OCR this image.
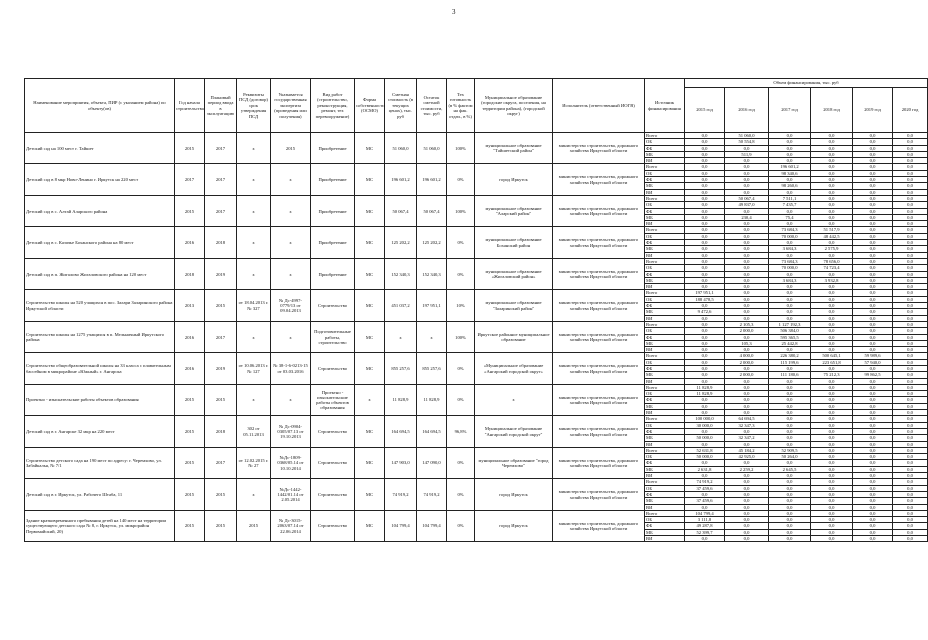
3
Наименование мероприятия, объекта, ПИР (с указанием района) по объекту(ов)	Год начала строительства	Плановый период ввода в эксплуатацию	Реквизиты ПСД (договор) срок утверждения ПСД	Указывается государственная экспертиза (проведения или получения)	Вид работ (строительство, реконструкция, ремонт, тех перевооружение)	Форма собственности (ОСМО)	Сметная стоимость (в текущих ценах), тыс. руб	Остаток сметной стоимости, тыс. руб	Тех готовность (в % фактом на фак. отдач., в %)	Муниципальное образование (городские округа, поселения, на территории района), (городской округ)	Исполнитель (ответственный ИОГВ)	Источник финансирования	Объем финансирования, тыс. руб					
													2015 год	2016 год	2017 год	2018 год	2019 год	2020 год
Детский сад на 100 мест г. Тайшет	2015	2017	х	2015	Приобретение	МС	51 060,0	51 060,0	100%	муниципальное образование "Тайшетский район"	министерство строительства, дорожного хозяйства Иркутской области	Всего	0,0	51 060,0	0,0	0,0	0,0	0,0
												ОБ	0,0	50 554,8	0,0	0,0	0,0	0,0
												ФБ	0,0	0,0	0,0	0,0	0,0	0,0
												МБ	0,0	511,9	0,0	0,0	0,0	0,0
												ВИ	0,0	0,0	0,0	0,0	0,0	0,0
Детский сад в 8 мкр Ново-Ленино г. Иркутск на 220 мест	2017	2017	х	х	Приобретение	МС	196 601,2	196 601,2	0%	город Иркутск	министерство строительства, дорожного хозяйства Иркутской области	Всего	0,0	0,0	196 601,2	0,0	0,0	0,0
												ОБ	0,0	0,0	98 340,6	0,0	0,0	0,0
												ФБ	0,0	0,0	0,0	0,0	0,0	0,0
												МБ	0,0	0,0	98 260,6	0,0	0,0	0,0
												ВИ	0,0	0,0	0,0	0,0	0,0	0,0
Детский сад в с. Алтай Аларского района	2015	2017	х	х	Приобретение	МС	50 067,4	50 067,4	100%	муниципальное образование "Аларский район"	министерство строительства, дорожного хозяйства Иркутской области	Всего	0,0	50 067,4	7 511,1	0,0	0,0	0,0
												ОБ	0,0	49 837,0	7 435,7	0,0	0,0	0,0
												ФБ	0,0	0,0	0,0	0,0	0,0	0,0
												МБ	0,0	230,4	75,4	0,0	0,0	0,0
												ВИ	0,0	0,0	0,0	0,0	0,0	0,0
Детский сад в с. Казачье Боханского района на 80 мест	2016	2018	х	х	Приобретение	МС	125 202,2	125 202,2	0%	муниципальное образование Боханский район	министерство строительства, дорожного хозяйства Иркутской области	Всего	0,0	0,0	73 684,3	51 517,9	0,0	0,0
												ОБ	0,0	0,0	70 000,0	48 442,5	0,0	0,0
												ФБ	0,0	0,0	0,0	0,0	0,0	0,0
												МБ	0,0	0,0	3 684,3	2 575,9	0,0	0,0
												ВИ	0,0	0,0	0,0	0,0	0,0	0,0
Детский сад в п. Жигалово Жигаловского района на 120 мест	2018	2019	х	х	Приобретение	МС	152 340,3	152 340,3	0%	муниципальное образование «Жигаловский район»	министерство строительства, дорожного хозяйства Иркутской области	Всего	0,0	0,0	73 684,3	78 656,0	0,0	0,0
												ОБ	0,0	0,0	70 000,0	74 723,4	0,0	0,0
												ФБ	0,0	0,0	0,0	0,0	0,0	0,0
												МБ	0,0	0,0	3 684,3	3 932,8	0,0	0,0
												ВИ	0,0	0,0	0,0	0,0	0,0	0,0
Строительство школы на 520 учащихся в пос. Залари Заларинского района Иркутской области	2013	2015	от 18.04.2013 г. № 327	№ Дс-4997-0779/13 от 09.04.2013	Строительство	МС	451 037,2	197 951,1	10%	муниципальное образование "Заларинский район"	министерство строительства, дорожного хозяйства Иркутской области	Всего	197 951,1	0,0	0,0	0,0	0,0	0,0
												ОБ	188 478,5	0,0	0,0	0,0	0,0	0,0
												ФБ	0,0	0,0	0,0	0,0	0,0	0,0
												МБ	9 472,6	0,0	0,0	0,0	0,0	0,0
												ВИ	0,0	0,0	0,0	0,0	0,0	0,0
Строительство школы на 1275 учащихся в п. Мельничный Иркутского района	2016	2017	х	х	Подготовительные работы, строительство	МС	х	х	100%	Иркутское районное муниципальное образование	министерство строительства, дорожного хозяйства Иркутской области	Всего	0,0	2 105,3	1 127 192,3	0,0	0,0	0,0
												ОБ	0,0	2 000,0	506 384,0	0,0	0,0	0,0
												ФБ	0,0	0,0	595 365,5	0,0	0,0	0,0
												МБ	0,0	105,3	25 442,8	0,0	0,0	0,0
												ВИ	0,0	0,0	0,0	0,0	0,0	0,0
Строительство общеобразовательной школы на 33 класса с плавательным бассейном в микрорайоне «Южный» г. Ангарска	2016	2019	от 10.06.2013 г. № 127	№ 38-1-6-0213-15 от 03.03.2016	Строительство	МС	855 257,6	855 257,6	0%	«Муниципальное образование «Ангарский городской округ»	министерство строительства, дорожного хозяйства Иркутской области	Всего	0,0	4 000,0	226 380,2	500 645,1	59 989,6	0,0
												ОБ	0,0	2 000,0	115 199,6	223 651,8	57 940,0	0,0
												ФБ	0,0	0,0	0,0	0,0	0,0	0,0
												МБ	0,0	2 000,0	111 180,6	75 212,3	99 862,5	0,0
												ВИ	0,0	0,0	0,0	0,0	0,0	0,0
Проектно - изыскательские работы объектов образования	2015	2015	х	х	Проектно - изыскательские работы объектов образования	х	11 828,9	11 828,9	0%	х	министерство строительства, дорожного хозяйства Иркутской области	Всего	11 828,9	0,0	0,0	0,0	0,0	0,0
												ОБ	11 828,9	0,0	0,0	0,0	0,0	0,0
												ФБ	0,0	0,0	0,0	0,0	0,0	0,0
												МБ	0,0	0,0	0,0	0,0	0,0	0,0
												ВИ	0,0	0,0	0,0	0,0	0,0	0,0
Детский сад в г. Ангарске 32 мкр на 220 мест	2015	2018	302 от 05.11.2013	№ Дс-0904-0305/07.13 от 19.10.2013	Строительство	МС	164 694,5	164 694,5	96,8%	Муниципальное образование "Ангарский городской округ"	министерство строительства, дорожного хозяйства Иркутской области	Всего	100 000,0	64 694,5	0,0	0,0	0,0	0,0
												ОБ	30 000,0	32 347,3	0,0	0,0	0,0	0,0
												ФБ	0,0	0,0	0,0	0,0	0,0	0,0
												МБ	50 000,0	32 347,2	0,0	0,0	0,0	0,0
												ВИ	0,0	0,0	0,0	0,0	0,0	0,0
Строительство детского сада на 190 мест по адресу: г. Черемхово, ул. Забайкалья, № 7/1	2015	2017	от 12.02.2015 г. № 27	№Дс-1809-0368/05.14 от 10.10.2014	Строительство	МС	147 903,0	147 090,0	0%	муниципальное образование "город Черемхово"	министерство строительства, дорожного хозяйства Иркутской области	Всего	52 631,8	45 184,2	52 909,5	0,0	0,0	0,0
												ОБ	50 000,0	42 925,0	50 264,0	0,0	0,0	0,0
												ФБ	0,0	0,0	0,0	0,0	0,0	0,0
												МБ	2 631,8	2 259,2	2 645,5	0,0	0,0	0,0
												ВИ	0,0	0,0	0,0	0,0	0,0	0,0
Детский сад в г. Иркутск, ул. Рабочего Штаба, 11	2015	2015	х	№Дс-1442-1442/01.14 от 2.05.2014	Строительство	МС	74 919,2	74 919,2	0%	город Иркутск	министерство строительства, дорожного хозяйства Иркутской области	Всего	74 919,2	0,0	0,0	0,0	0,0	0,0
												ОБ	37 459,6	0,0	0,0	0,0	0,0	0,0
												ФБ	0,0	0,0	0,0	0,0	0,0	0,0
												МБ	37 459,6	0,0	0,0	0,0	0,0	0,0
												ВИ	0,0	0,0	0,0	0,0	0,0	0,0
Здание кратковременного пребывания детей на 140 мест на территории существующего детского сада № 8, г. Иркутск, ул. микрорайон Первомайский, 20)	2015	2015	2015	№ Дс-3015-2063/07.14 от 22.06.2014	Строительство	МС	104 799,4	104 799,4	0%	город Иркутск	министерство строительства, дорожного хозяйства Иркутской области	Всего	104 799,4	0,0	0,0	0,0	0,0	0,0
												ОБ	3 111,8	0,0	0,0	0,0	0,0	0,0
												ФБ	49 287,8	0,0	0,0	0,0	0,0	0,0
												МБ	52 399,7	0,0	0,0	0,0	0,0	0,0
												ВИ	0,0	0,0	0,0	0,0	0,0	0,0
